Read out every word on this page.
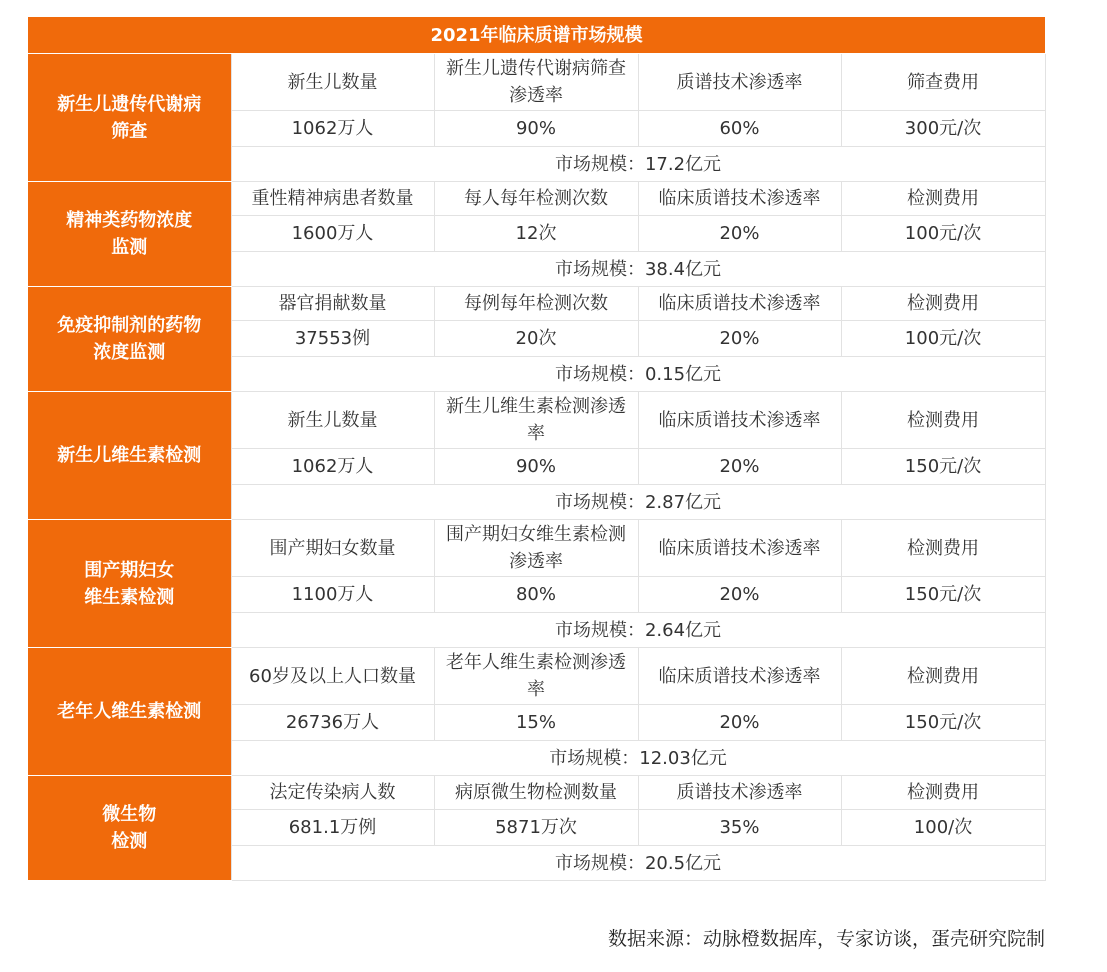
2021年临床质谱市场规模				

新生儿遗传代谢病
筛查	新生儿数量	新生儿遗传代谢病筛查渗透率	质谱技术渗透率	筛查费用
	1062万人	90%	60%	300元/次
	市场规模：17.2亿元			

精神类药物浓度
监测	重性精神病患者数量	每人每年检测次数	临床质谱技术渗透率	检测费用
	1600万人	12次	20%	100元/次
	市场规模：38.4亿元			

免疫抑制剂的药物
浓度监测	器官捐献数量	每例每年检测次数	临床质谱技术渗透率	检测费用
	37553例	20次	20%	100元/次
	市场规模：0.15亿元			

新生儿维生素检测	新生儿数量	新生儿维生素检测渗透率	临床质谱技术渗透率	检测费用
	1062万人	90%	20%	150元/次
	市场规模：2.87亿元			

围产期妇女
维生素检测	围产期妇女数量	围产期妇女维生素检测渗透率	临床质谱技术渗透率	检测费用
	1100万人	80%	20%	150元/次
	市场规模：2.64亿元			

老年人维生素检测	60岁及以上人口数量	老年人维生素检测渗透率	临床质谱技术渗透率	检测费用
	26736万人	15%	20%	150元/次
	市场规模：12.03亿元			

微生物
检测	法定传染病人数	病原微生物检测数量	质谱技术渗透率	检测费用
	681.1万例	5871万次	35%	100/次
	市场规模：20.5亿元			
数据来源：动脉橙数据库，专家访谈，蛋壳研究院制
